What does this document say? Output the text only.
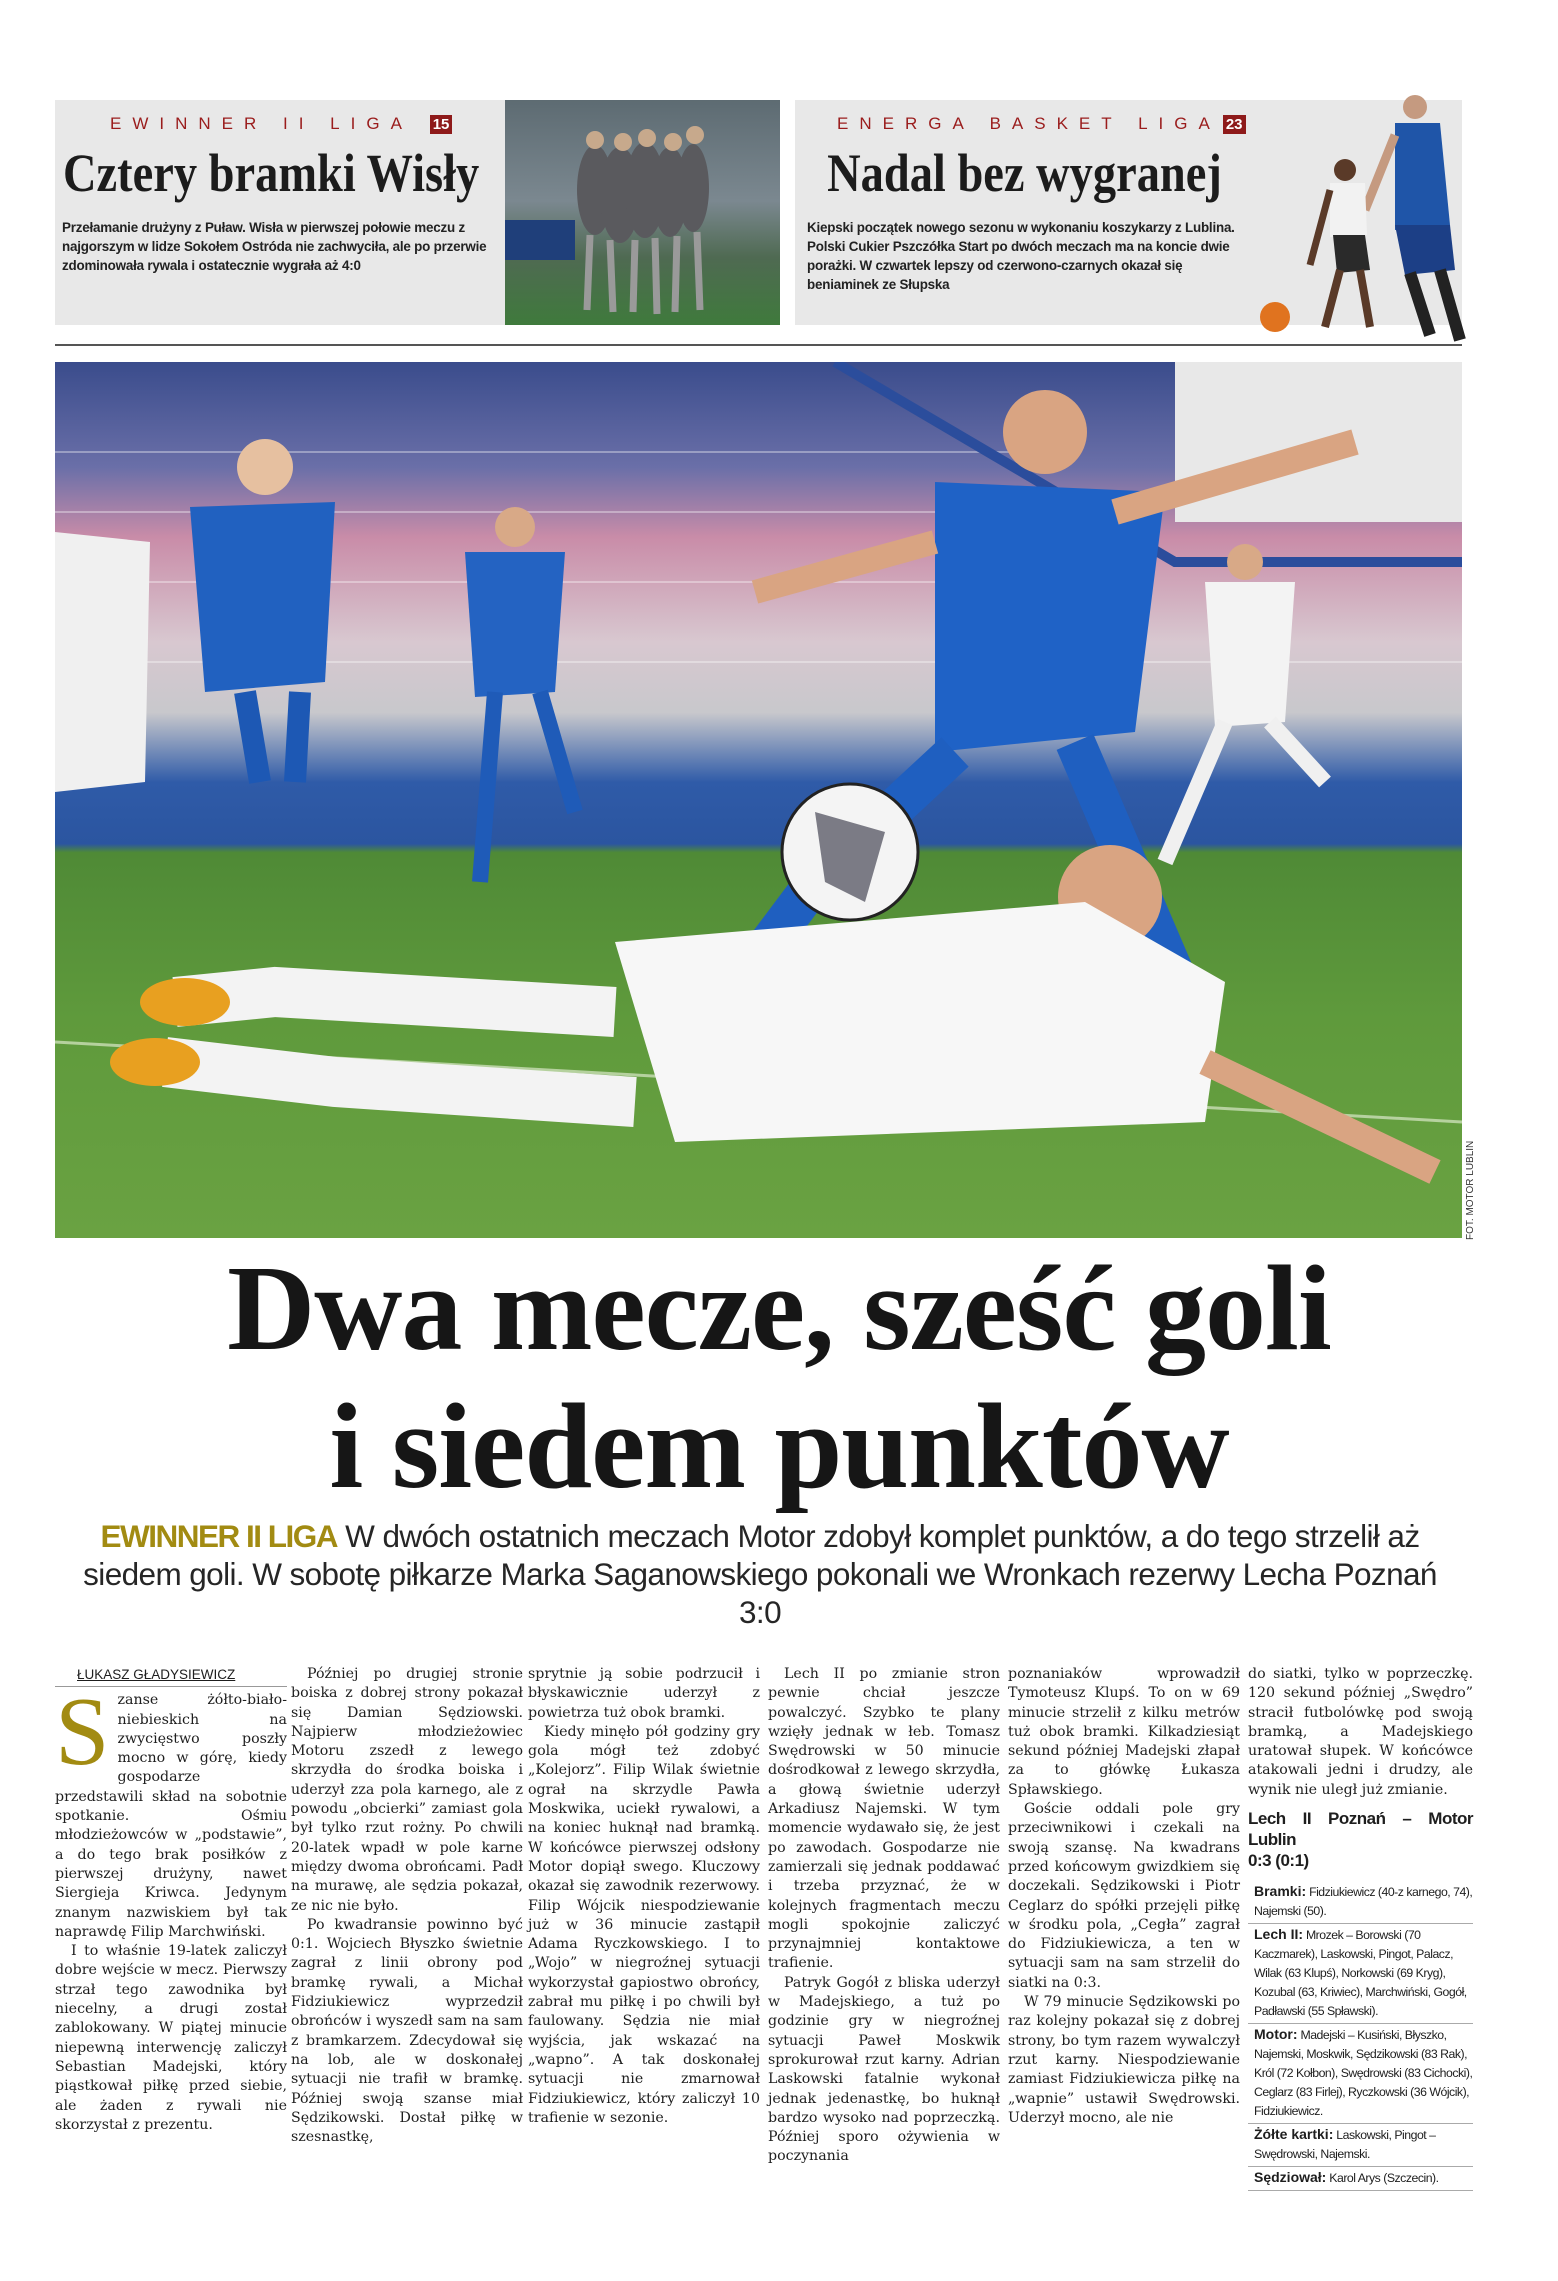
EWINNER II LIGA 15
Cztery bramki Wisły
Przełamanie drużyny z Puław. Wisła w pierwszej połowie meczu z najgorszym w lidze Sokołem Ostróda nie zachwyciła, ale po przerwie zdominowała rywala i ostatecznie wygrała aż 4:0
ENERGA BASKET LIGA 23
Nadal bez wygranej
Kiepski początek nowego sezonu w wykonaniu koszykarzy z Lublina. Polski Cukier Pszczółka Start po dwóch meczach ma na koncie dwie porażki. W czwartek lepszy od czerwono-czarnych okazał się beniaminek ze Słupska
FOT. MOTOR LUBLIN
Dwa mecze, sześć goli
i siedem punktów
EWINNER II LIGA W dwóch ostatnich meczach Motor zdobył komplet punktów, a do tego strzelił aż siedem goli. W sobotę piłkarze Marka Saganowskiego pokonali we Wronkach rezerwy Lecha Poznań 3:0
ŁUKASZ GŁADYSIEWICZ

Szanse żółto-biało-niebieskich na zwycięstwo poszły mocno w górę, kiedy gospodarze przedstawili skład na sobotnie spotkanie. Ośmiu młodzieżowców w „podstawie”, a do tego brak posiłków z pierwszej drużyny, nawet Siergieja Kriwca. Jedynym znanym nazwiskiem był tak naprawdę Filip Marchwiński.

I to właśnie 19-latek zaliczył dobre wejście w mecz. Pierwszy strzał tego zawodnika był niecelny, a drugi został zablokowany. W piątej minucie niepewną interwencję zaliczył Sebastian Madejski, który piąstkował piłkę przed siebie, ale żaden z rywali nie skorzystał z prezentu.

Później po drugiej stronie boiska z dobrej strony pokazał się Damian Sędziowski. Najpierw młodzieżowiec Motoru zszedł z lewego skrzydła do środka boiska i uderzył zza pola karnego, ale z powodu „obcierki” zamiast gola był tylko rzut rożny. Po chwili 20-latek wpadł w pole karne między dwoma obrońcami. Padł na murawę, ale sędzia pokazał, ze nic nie było.

Po kwadransie powinno być 0:1. Wojciech Błyszko świetnie zagrał z linii obrony pod bramkę rywali, a Michał Fidziukiewicz wyprzedził obrońców i wyszedł sam na sam z bramkarzem. Zdecydował się na lob, ale w doskonałej sytuacji nie trafił w bramkę. Później swoją szanse miał Sędzikowski. Dostał piłkę w szesnastkę,

sprytnie ją sobie podrzucił i błyskawicznie uderzył z powietrza tuż obok bramki.

Kiedy minęło pół godziny gry gola mógł też zdobyć „Kolejorz”. Filip Wilak świetnie ograł na skrzydle Pawła Moskwika, uciekł rywalowi, a na koniec huknął nad bramką. W końcówce pierwszej odsłony Motor dopiął swego. Kluczowy okazał się zawodnik rezerwowy. Filip Wójcik niespodziewanie już w 36 minucie zastąpił Adama Ryczkowskiego. I to „Wojo” w niegroźnej sytuacji wykorzystał gapiostwo obrońcy, zabrał mu piłkę i po chwili był faulowany. Sędzia nie miał wyjścia, jak wskazać na „wapno”. A tak doskonałej sytuacji nie zmarnował Fidziukiewicz, który zaliczył 10 trafienie w sezonie.

Lech II po zmianie stron pewnie chciał jeszcze powalczyć. Szybko te plany wzięły jednak w łeb. Tomasz Swędrowski w 50 minucie dośrodkował z lewego skrzydła, a głową świetnie uderzył Arkadiusz Najemski. W tym momencie wydawało się, że jest po zawodach. Gospodarze nie zamierzali się jednak poddawać i trzeba przyznać, że w kolejnych fragmentach meczu mogli spokojnie zaliczyć przynajmniej kontaktowe trafienie.

Patryk Gogół z bliska uderzył w Madejskiego, a tuż po godzinie gry w niegroźnej sytuacji Paweł Moskwik sprokurował rzut karny. Adrian Laskowski fatalnie wykonał jednak jedenastkę, bo huknął bardzo wysoko nad poprzeczką. Później sporo ożywienia w poczynania

poznaniaków wprowadził Tymoteusz Klupś. To on w 69 minucie strzelił z kilku metrów tuż obok bramki. Kilkadziesiąt sekund później Madejski złapał za to główkę Łukasza Spławskiego.

Goście oddali pole gry przeciwnikowi i czekali na swoją szansę. Na kwadrans przed końcowym gwizdkiem się doczekali. Sędzikowski i Piotr Ceglarz do spółki przejęli piłkę w środku pola, „Cegła” zagrał do Fidziukiewicza, a ten w sytuacji sam na sam strzelił do siatki na 0:3.

W 79 minucie Sędzikowski po raz kolejny pokazał się z dobrej strony, bo tym razem wywalczył rzut karny. Niespodziewanie zamiast Fidziukiewicza piłkę na „wapnie” ustawił Swędrowski. Uderzył mocno, ale nie

do siatki, tylko w poprzeczkę. 120 sekund później „Swędro” stracił futbolówkę pod swoją bramką, a Madejskiego uratował słupek. W końcówce atakowali jedni i drudzy, ale wynik nie uległ już zmianie.

Lech II Poznań – Motor Lublin
0:3 (0:1)
Bramki: Fidziukiewicz (40-z karnego, 74), Najemski (50).
Lech II: Mrozek – Borowski (70 Kaczmarek), Laskowski, Pingot, Palacz, Wilak (63 Klupś), Norkowski (69 Kryg), Kozubal (63, Kriwiec), Marchwiński, Gogół, Padławski (55 Spławski).
Motor: Madejski – Kusiński, Błyszko, Najemski, Moskwik, Sędzikowski (83 Rak), Król (72 Kołbon), Swędrowski (83 Cichocki), Ceglarz (83 Firlej), Ryczkowski (36 Wójcik), Fidziukiewicz.
Żółte kartki: Laskowski, Pingot – Swędrowski, Najemski.
Sędziował: Karol Arys (Szczecin).
